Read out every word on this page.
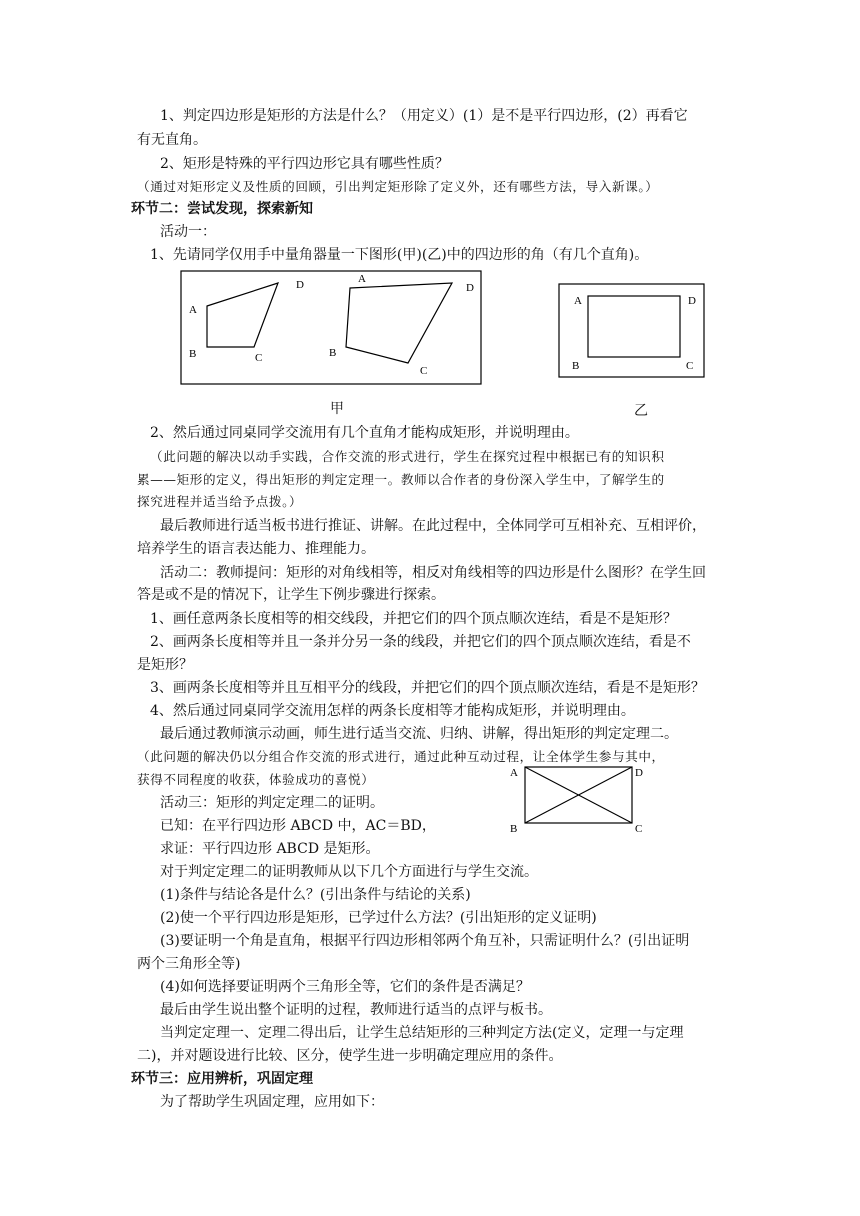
1、判定四边形是矩形的方法是什么？（用定义）(1）是不是平行四边形，(2）再看它
有无直角。
2、矩形是特殊的平行四边形它具有哪些性质？
（通过对矩形定义及性质的回顾，引出判定矩形除了定义外，还有哪些方法，导入新课。）
环节二：尝试发现，探索新知
活动一：
1、先请同学仅用手中量角器量一下图形(甲)(乙)中的四边形的角（有几个直角)。
A
B	C
D	A
B
C
D
A	D
B	C
甲	乙
2、然后通过同桌同学交流用有几个直角才能构成矩形，并说明理由。
（此问题的解决以动手实践，合作交流的形式进行，学生在探究过程中根据已有的知识积
累——矩形的定义，得出矩形的判定定理一。教师以合作者的身份深入学生中，了解学生的
探究进程并适当给予点拨。）
最后教师进行适当板书进行推证、讲解。在此过程中，全体同学可互相补充、互相评价，
培养学生的语言表达能力、推理能力。
活动二：教师提问：矩形的对角线相等，相反对角线相等的四边形是什么图形？在学生回
答是或不是的情况下，让学生下例步骤进行探索。
1、画任意两条长度相等的相交线段，并把它们的四个顶点顺次连结，看是不是矩形？
2、画两条长度相等并且一条并分另一条的线段，并把它们的四个顶点顺次连结，看是不
是矩形？
3、画两条长度相等并且互相平分的线段，并把它们的四个顶点顺次连结，看是不是矩形？
4、然后通过同桌同学交流用怎样的两条长度相等才能构成矩形，并说明理由。
最后通过教师演示动画，师生进行适当交流、归纳、讲解，得出矩形的判定定理二。
（此问题的解决仍以分组合作交流的形式进行，通过此种互动过程，让全体学生参与其中，
获得不同程度的收获，体验成功的喜悦）	A	D
B	C
活动三：矩形的判定定理二的证明。
已知：在平行四边形 ABCD 中，AC＝BD，
求证：平行四边形 ABCD 是矩形。
对于判定定理二的证明教师从以下几个方面进行与学生交流。
(1)条件与结论各是什么？(引出条件与结论的关系)
(2)使一个平行四边形是矩形，已学过什么方法？(引出矩形的定义证明)
(3)要证明一个角是直角，根据平行四边形相邻两个角互补，只需证明什么？(引出证明
两个三角形全等)
(4)如何选择要证明两个三角形全等，它们的条件是否满足？
最后由学生说出整个证明的过程，教师进行适当的点评与板书。
当判定定理一、定理二得出后，让学生总结矩形的三种判定方法(定义，定理一与定理
二)，并对题设进行比较、区分，使学生进一步明确定理应用的条件。
环节三：应用辨析，巩固定理
为了帮助学生巩固定理，应用如下：
